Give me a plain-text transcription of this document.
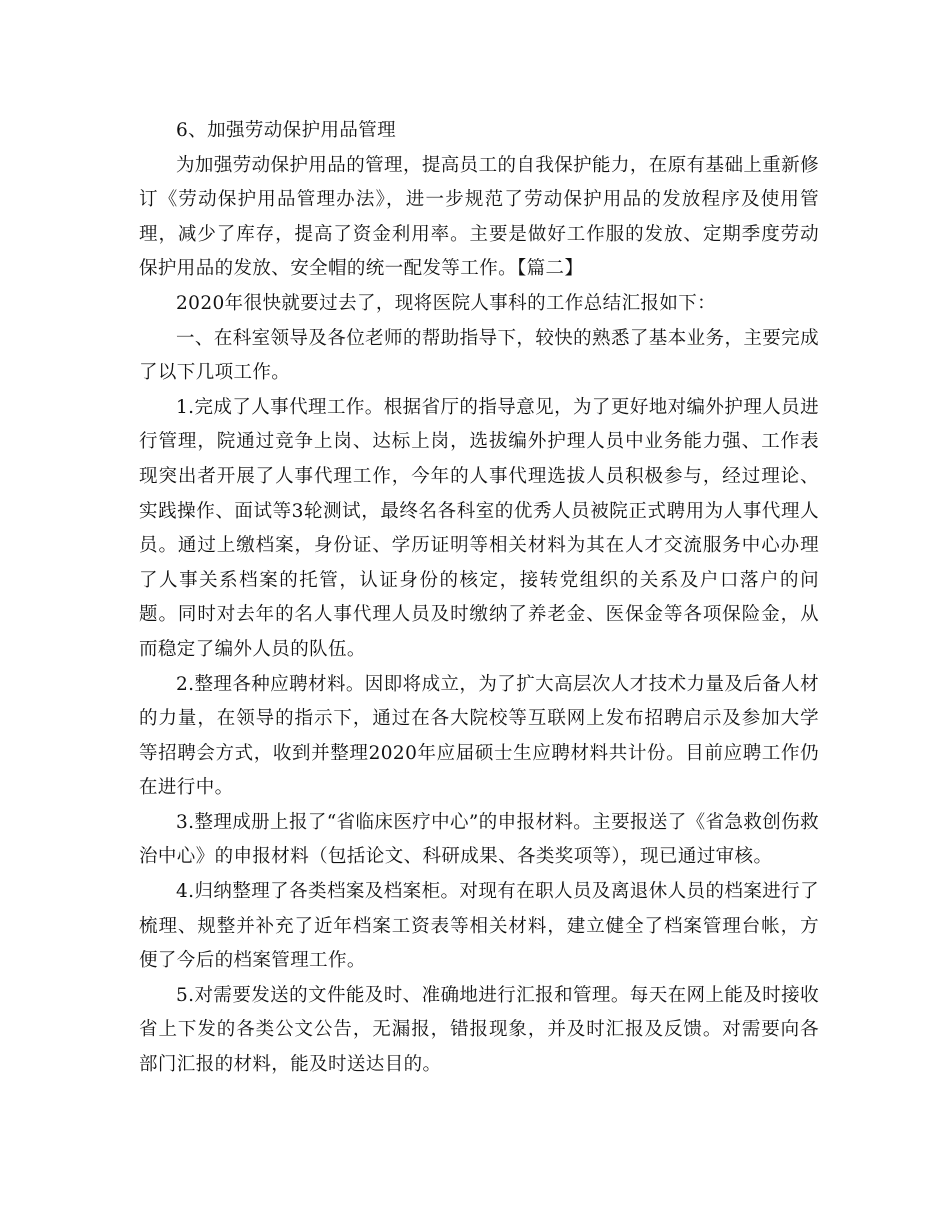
6、加强劳动保护用品管理

为加强劳动保护用品的管理，提高员工的自我保护能力，在原有基础上重新修订《劳动保护用品管理办法》，进一步规范了劳动保护用品的发放程序及使用管理，减少了库存，提高了资金利用率。主要是做好工作服的发放、定期季度劳动保护用品的发放、安全帽的统一配发等工作。【篇二】

2020年很快就要过去了，现将医院人事科的工作总结汇报如下：

一、在科室领导及各位老师的帮助指导下，较快的熟悉了基本业务，主要完成了以下几项工作。

1.完成了人事代理工作。根据省厅的指导意见，为了更好地对编外护理人员进行管理，院通过竞争上岗、达标上岗，选拔编外护理人员中业务能力强、工作表现突出者开展了人事代理工作，今年的人事代理选拔人员积极参与，经过理论、实践操作、面试等3轮测试，最终名各科室的优秀人员被院正式聘用为人事代理人员。通过上缴档案，身份证、学历证明等相关材料为其在人才交流服务中心办理了人事关系档案的托管，认证身份的核定，接转党组织的关系及户口落户的问题。同时对去年的名人事代理人员及时缴纳了养老金、医保金等各项保险金，从而稳定了编外人员的队伍。

2.整理各种应聘材料。因即将成立，为了扩大高层次人才技术力量及后备人材的力量，在领导的指示下，通过在各大院校等互联网上发布招聘启示及参加大学等招聘会方式，收到并整理2020年应届硕士生应聘材料共计份。目前应聘工作仍在进行中。

3.整理成册上报了“省临床医疗中心”的申报材料。主要报送了《省急救创伤救治中心》的申报材料（包括论文、科研成果、各类奖项等），现已通过审核。

4.归纳整理了各类档案及档案柜。对现有在职人员及离退休人员的档案进行了梳理、规整并补充了近年档案工资表等相关材料，建立健全了档案管理台帐，方便了今后的档案管理工作。

5.对需要发送的文件能及时、准确地进行汇报和管理。每天在网上能及时接收省上下发的各类公文公告，无漏报，错报现象，并及时汇报及反馈。对需要向各部门汇报的材料，能及时送达目的。
